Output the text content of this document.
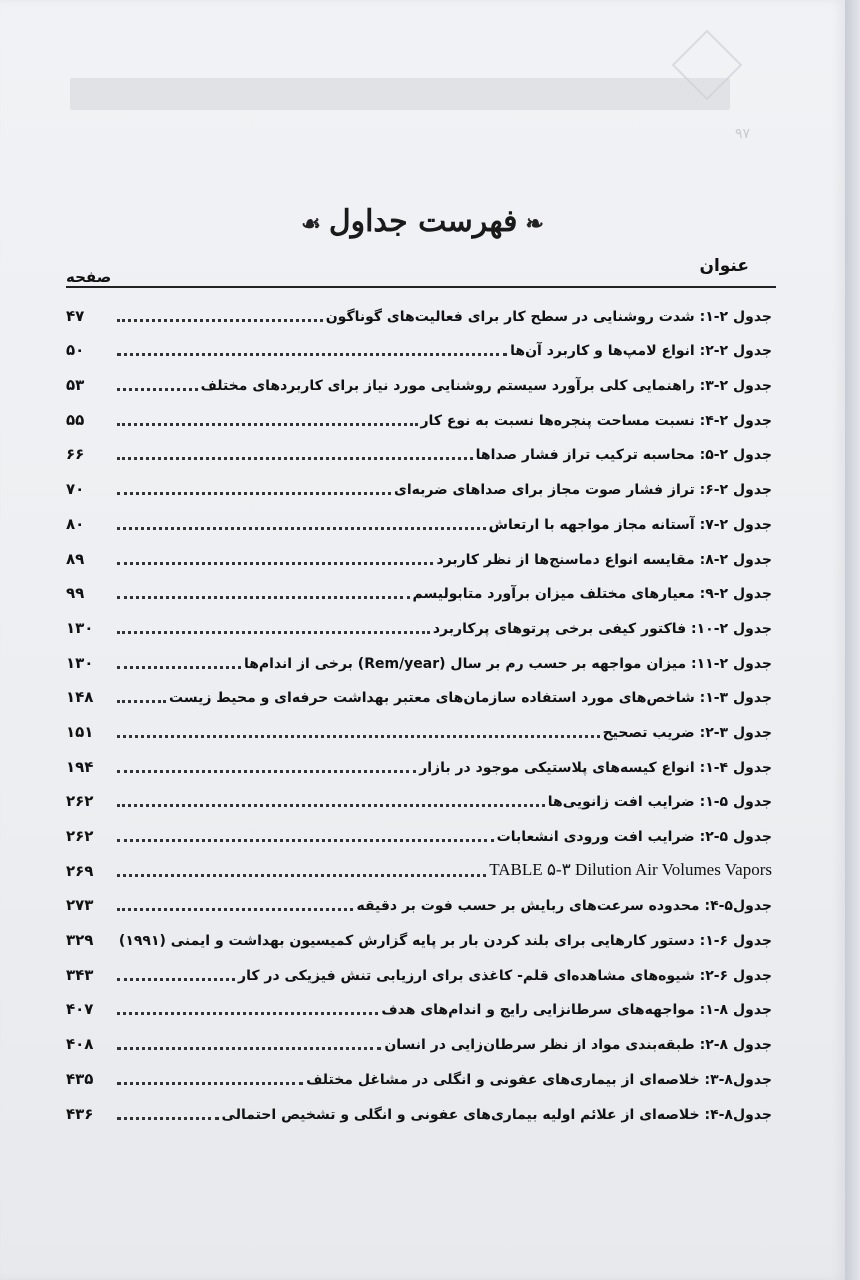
۹۷
❧فهرست جداول☙
عنوان
صفحه
جدول ۲-۱: شدت روشنایی در سطح کار برای فعالیت‌های گوناگون
۴۷
جدول ۲-۲: انواع لامپ‌ها و کاربرد آن‌ها
۵۰
جدول ۲-۳: راهنمایی کلی برآورد سیستم روشنایی مورد نیاز برای کاربردهای مختلف
۵۳
جدول ۲-۴: نسبت مساحت پنجره‌ها نسبت به نوع کار
۵۵
جدول ۲-۵: محاسبه ترکیب تراز فشار صداها
۶۶
جدول ۲-۶: تراز فشار صوت مجاز برای صداهای ضربه‌ای
۷۰
جدول ۲-۷: آستانه مجاز مواجهه با ارتعاش
۸۰
جدول ۲-۸: مقایسه انواع دماسنج‌ها از نظر کاربرد
۸۹
جدول ۲-۹: معیارهای مختلف میزان برآورد متابولیسم
۹۹
جدول ۲-۱۰: فاکتور کیفی برخی پرتوهای پرکاربرد
۱۳۰
جدول ۲-۱۱: میزان مواجهه بر حسب رم بر سال (Rem/year) برخی از اندام‌ها
۱۳۰
جدول ۳-۱: شاخص‌های مورد استفاده سازمان‌های معتبر بهداشت حرفه‌ای و محیط زیست
۱۴۸
جدول ۳-۲: ضریب تصحیح
۱۵۱
جدول ۴-۱: انواع کیسه‌های پلاستیکی موجود در بازار
۱۹۴
جدول ۵-۱: ضرایب افت زانویی‌ها
۲۶۲
جدول ۵-۲: ضرایب افت ورودی انشعابات
۲۶۲
TABLE ۵-۳ Dilution Air Volumes Vapors
۲۶۹
جدول۵-۴: محدوده سرعت‌های ربایش بر حسب فوت بر دقیقه
۲۷۳
جدول ۶-۱: دستور کارهایی برای بلند کردن بار بر پایه گزارش کمیسیون بهداشت و ایمنی (۱۹۹۱)
۳۲۹
جدول ۶-۲: شیوه‌های مشاهده‌ای قلم- کاغذی برای ارزیابی تنش فیزیکی در کار
۳۴۳
جدول ۸-۱: مواجهه‌های سرطانزایی رایج و اندام‌های هدف
۴۰۷
جدول ۸-۲: طبقه‌بندی مواد از نظر سرطان‌زایی در انسان
۴۰۸
جدول۸-۳: خلاصه‌ای از بیماری‌های عفونی و انگلی در مشاغل مختلف
۴۳۵
جدول۸-۴: خلاصه‌ای از علائم اولیه بیماری‌های عفونی و انگلی و تشخیص احتمالی
۴۳۶
